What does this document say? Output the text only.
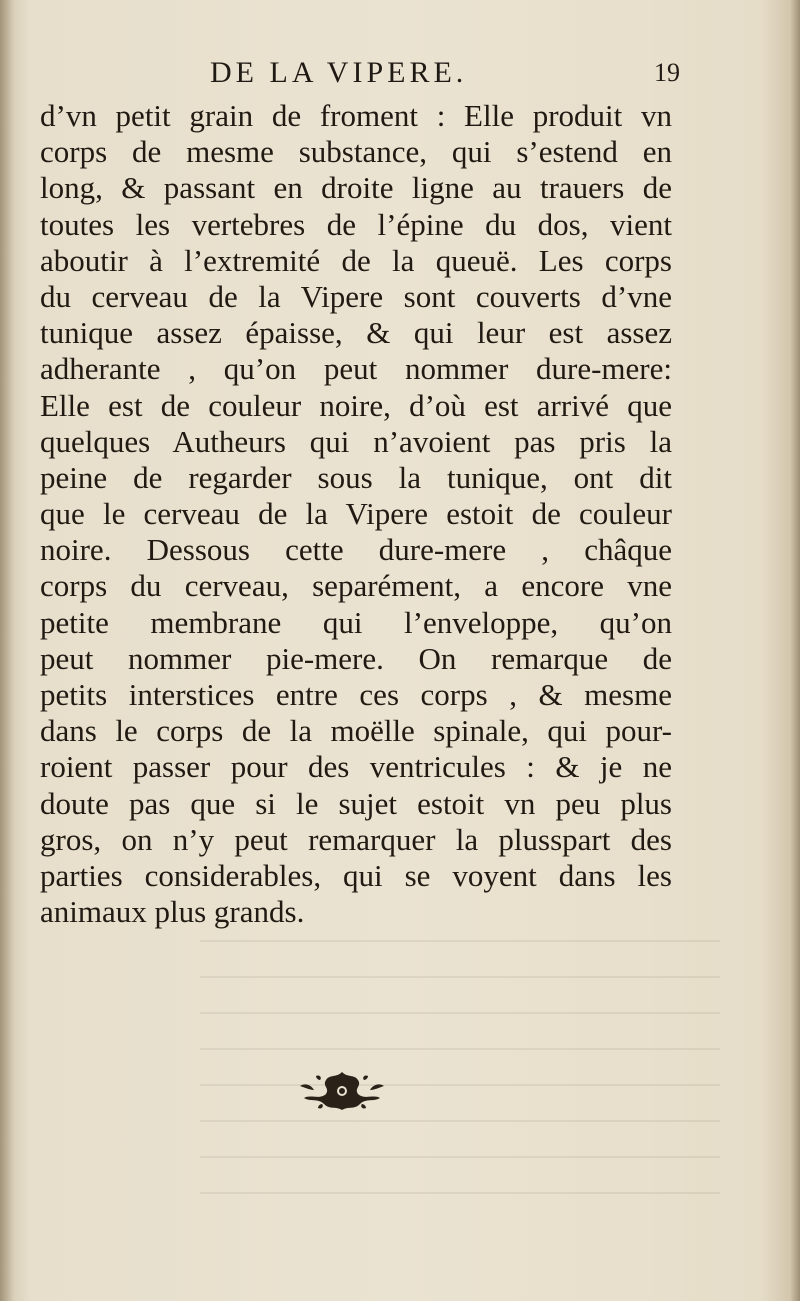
DE LA VIPERE.	19
d’vn petit grain de froment : Elle produit vn
corps de mesme substance, qui s’estend en
long, & passant en droite ligne au trauers de
toutes les vertebres de l’épine du dos, vient
aboutir à l’extremité de la queuë. Les corps
du cerveau de la Vipere sont couverts d’vne
tunique assez épaisse, & qui leur est assez
adherante , qu’on peut nommer dure-mere:
Elle est de couleur noire, d’où est arrivé que
quelques Autheurs qui n’avoient pas pris la
peine de regarder sous la tunique, ont dit
que le cerveau de la Vipere estoit de couleur
noire. Dessous cette dure-mere , châque
corps du cerveau, separément, a encore vne
petite membrane qui l’enveloppe, qu’on
peut nommer pie-mere. On remarque de
petits interstices entre ces corps , & mesme
dans le corps de la moëlle spinale, qui pour-
roient passer pour des ventricules : & je ne
doute pas que si le sujet estoit vn peu plus
gros, on n’y peut remarquer la plusspart des
parties considerables, qui se voyent dans les
animaux plus grands.
